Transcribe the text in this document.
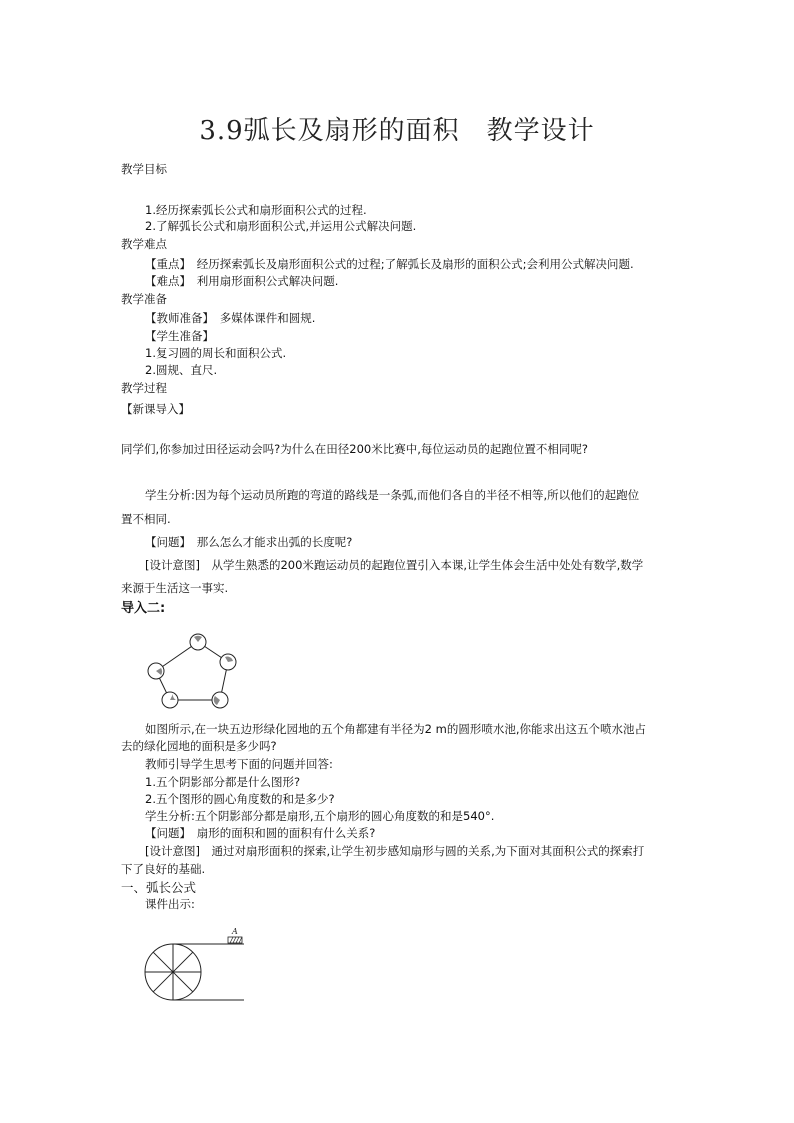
3.9弧长及扇形的面积　教学设计
教学目标
1.经历探索弧长公式和扇形面积公式的过程.
2.了解弧长公式和扇形面积公式,并运用公式解决问题.
教学难点
【重点】　经历探索弧长及扇形面积公式的过程;了解弧长及扇形的面积公式;会利用公式解决问题.
【难点】　利用扇形面积公式解决问题.
教学准备
【教师准备】　多媒体课件和圆规.
【学生准备】
1.复习圆的周长和面积公式.
2.圆规、直尺.
教学过程
【新课导入】
同学们,你参加过田径运动会吗?为什么在田径200米比赛中,每位运动员的起跑位置不相同呢?
学生分析:因为每个运动员所跑的弯道的路线是一条弧,而他们各自的半径不相等,所以他们的起跑位
置不相同.
【问题】　那么怎么才能求出弧的长度呢?
[设计意图]　从学生熟悉的200米跑运动员的起跑位置引入本课,让学生体会生活中处处有数学,数学
来源于生活这一事实.
导入二:
如图所示,在一块五边形绿化园地的五个角都建有半径为2 m的圆形喷水池,你能求出这五个喷水池占
去的绿化园地的面积是多少吗?
教师引导学生思考下面的问题并回答:
1.五个阴影部分都是什么图形?
2.五个图形的圆心角度数的和是多少?
学生分析:五个阴影部分都是扇形,五个扇形的圆心角度数的和是540°.
【问题】　扇形的面积和圆的面积有什么关系?
[设计意图]　通过对扇形面积的探索,让学生初步感知扇形与圆的关系,为下面对其面积公式的探索打
下了良好的基础.
一、弧长公式
课件出示:
A
